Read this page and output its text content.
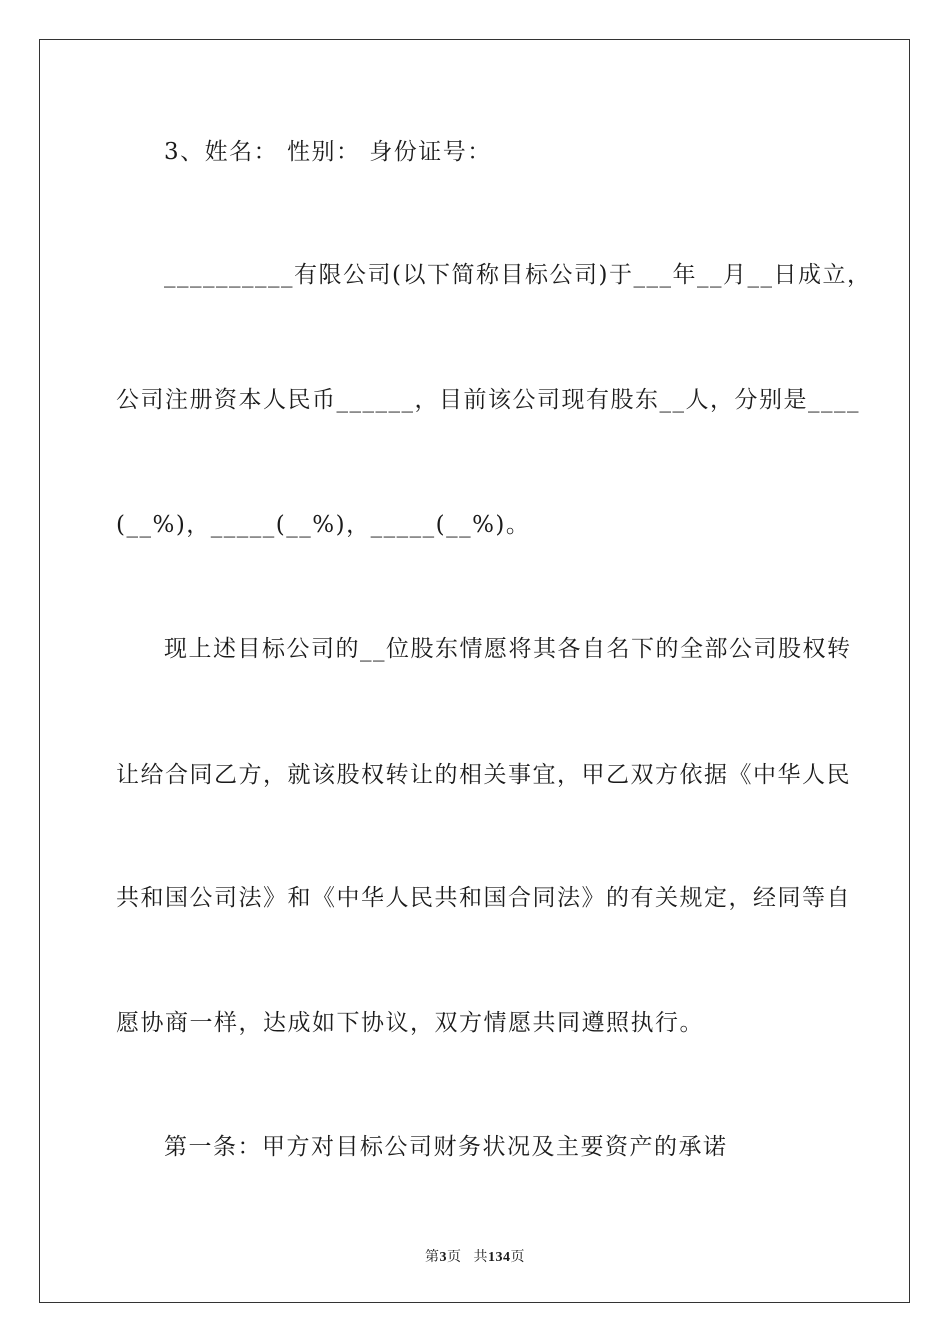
3、姓名： 性别： 身份证号：
__________有限公司(以下简称目标公司)于___年__月__日成立，
公司注册资本人民币______，目前该公司现有股东__人，分别是____
(__%)，_____(__%)，_____(__%)。
现上述目标公司的__位股东情愿将其各自名下的全部公司股权转
让给合同乙方，就该股权转让的相关事宜，甲乙双方依据《中华人民
共和国公司法》和《中华人民共和国合同法》的有关规定，经同等自
愿协商一样，达成如下协议，双方情愿共同遵照执行。
第一条：甲方对目标公司财务状况及主要资产的承诺
第3页 共134页
